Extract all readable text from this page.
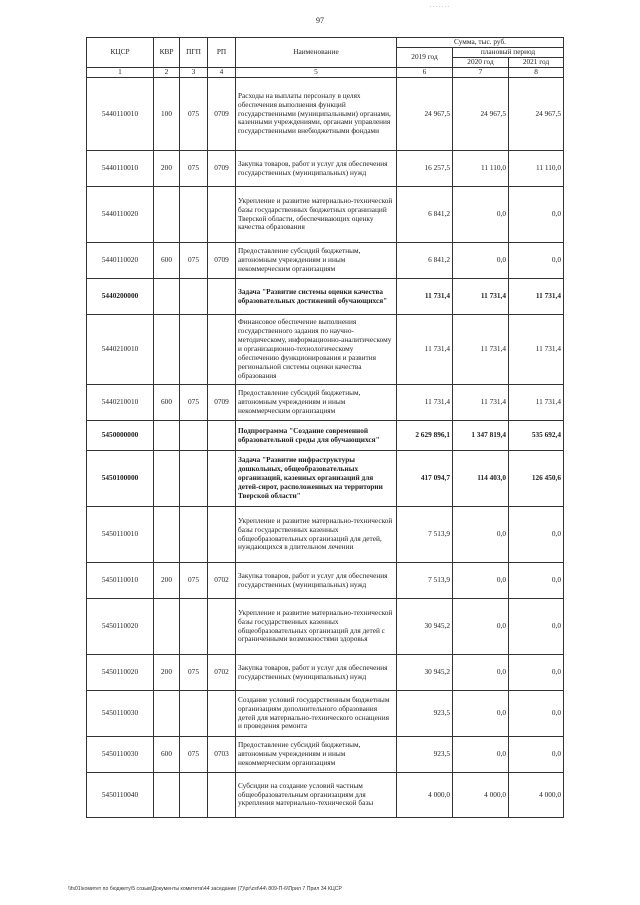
. . . . . . .
97
КЦСР	КВР	ПГП	РП	Наименование	Сумма, тыс. руб.		
					2019 год	плановый период	
						2020 год	2021 год
1	2	3	4	5	6	7	8
5440110010	100	075	0709	Расходы на выплаты персоналу в целях обеспечения выполнения функций государственными (муниципальными) органами, казенными учреждениями, органами управления государственными внебюджетными фондами	24 967,5	24 967,5	24 967,5
5440110010	200	075	0709	Закупка товаров, работ и услуг для обеспечения государственных (муниципальных) нужд	16 257,5	11 110,0	11 110,0
5440110020				Укрепление и развитие материально-технической базы государственных бюджетных организаций Тверской области, обеспечивающих оценку качества образования	6 841,2	0,0	0,0
5440110020	600	075	0709	Предоставление субсидий бюджетным, автономным учреждениям и иным некоммерческим организациям	6 841,2	0,0	0,0
5440200000				Задача "Развитие системы оценки качества образовательных достижений обучающихся"	11 731,4	11 731,4	11 731,4
5440210010				Финансовое обеспечение выполнения государственного задания по научно-методическому, информационно-аналитическому и организационно-технологическому обеспечению функционирования и развития региональной системы оценки качества образования	11 731,4	11 731,4	11 731,4
5440210010	600	075	0709	Предоставление субсидий бюджетным, автономным учреждениям и иным некоммерческим организациям	11 731,4	11 731,4	11 731,4
5450000000				Подпрограмма "Создание современной образовательной среды для обучающихся"	2 629 896,1	1 347 819,4	535 692,4
5450100000				Задача "Развитие инфраструктуры дошкольных, общеобразовательных организаций, казенных организаций для детей-сирот, расположенных на территории Тверской области"	417 094,7	114 403,0	126 450,6
5450110010				Укрепление и развитие материально-технической базы государственных казенных общеобразовательных организаций для детей, нуждающихся в длительном лечении	7 513,9	0,0	0,0
5450110010	200	075	0702	Закупка товаров, работ и услуг для обеспечения государственных (муниципальных) нужд	7 513,9	0,0	0,0
5450110020				Укрепление и развитие материально-технической базы государственных казенных общеобразовательных организаций для детей с ограниченными возможностями здоровья	30 945,2	0,0	0,0
5450110020	200	075	0702	Закупка товаров, работ и услуг для обеспечения государственных (муниципальных) нужд	30 945,2	0,0	0,0
5450110030				Создание условий государственным бюджетным организациям дополнительного образования детей для материально-технического оснащения и проведения ремонта	923,5	0,0	0,0
5450110030	600	075	0703	Предоставление субсидий бюджетным, автономным учреждениям и иным некоммерческим организациям	923,5	0,0	0,0
5450110040				Субсидии на создание условий частным общеобразовательным организациям для укрепления материально-технической базы	4 000,0	4 000,0	4 000,0
\\fs01\комитет по бюджету\5 созыв\Документы комитета\44 заседание (7)\pr\zst\44\ 809-П-6\Прил 7 Прил 34 КЦСР
